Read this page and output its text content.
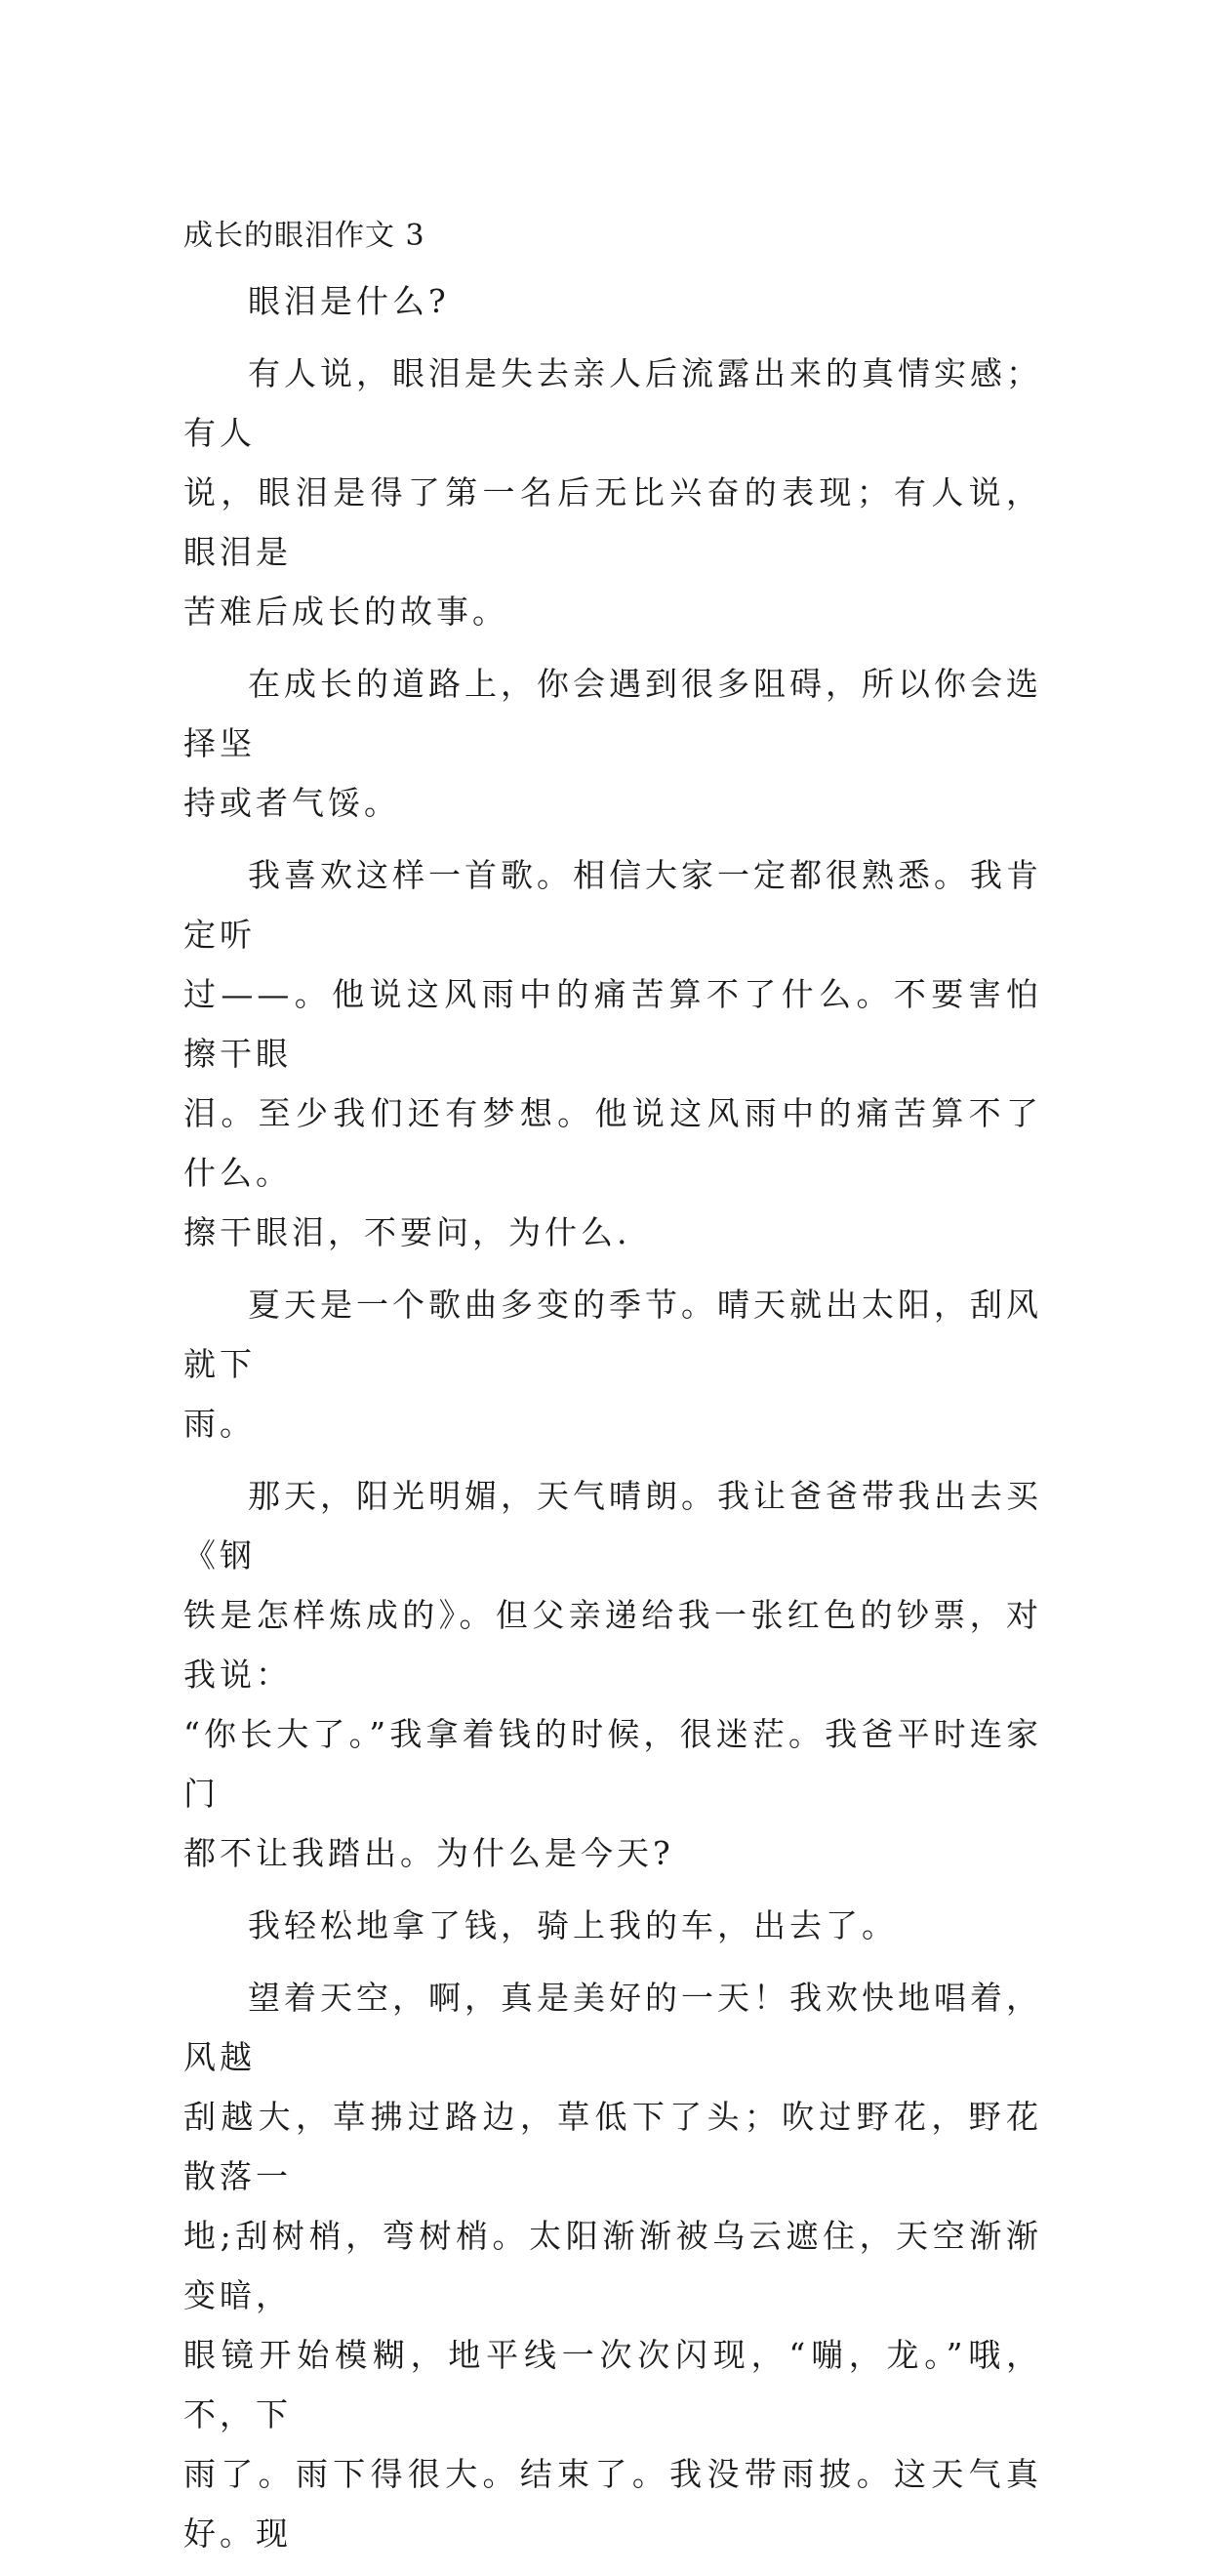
成长的眼泪作文 3

眼泪是什么?

有人说，眼泪是失去亲人后流露出来的真情实感；有人
说，眼泪是得了第一名后无比兴奋的表现；有人说，眼泪是
苦难后成长的故事。

在成长的道路上，你会遇到很多阻碍，所以你会选择坚
持或者气馁。

我喜欢这样一首歌。相信大家一定都很熟悉。我肯定听
过——。他说这风雨中的痛苦算不了什么。不要害怕擦干眼
泪。至少我们还有梦想。他说这风雨中的痛苦算不了什么。
擦干眼泪，不要问，为什么.

夏天是一个歌曲多变的季节。晴天就出太阳，刮风就下
雨。

那天，阳光明媚，天气晴朗。我让爸爸带我出去买《钢
铁是怎样炼成的》。但父亲递给我一张红色的钞票，对我说：
“你长大了。”我拿着钱的时候，很迷茫。我爸平时连家门
都不让我踏出。为什么是今天?

我轻松地拿了钱，骑上我的车，出去了。

望着天空，啊，真是美好的一天！我欢快地唱着，风越
刮越大，草拂过路边，草低下了头；吹过野花，野花散落一
地;刮树梢，弯树梢。太阳渐渐被乌云遮住，天空渐渐变暗，
眼镜开始模糊，地平线一次次闪现，“嘣，龙。”哦，不，下
雨了。雨下得很大。结束了。我没带雨披。这天气真好。现
